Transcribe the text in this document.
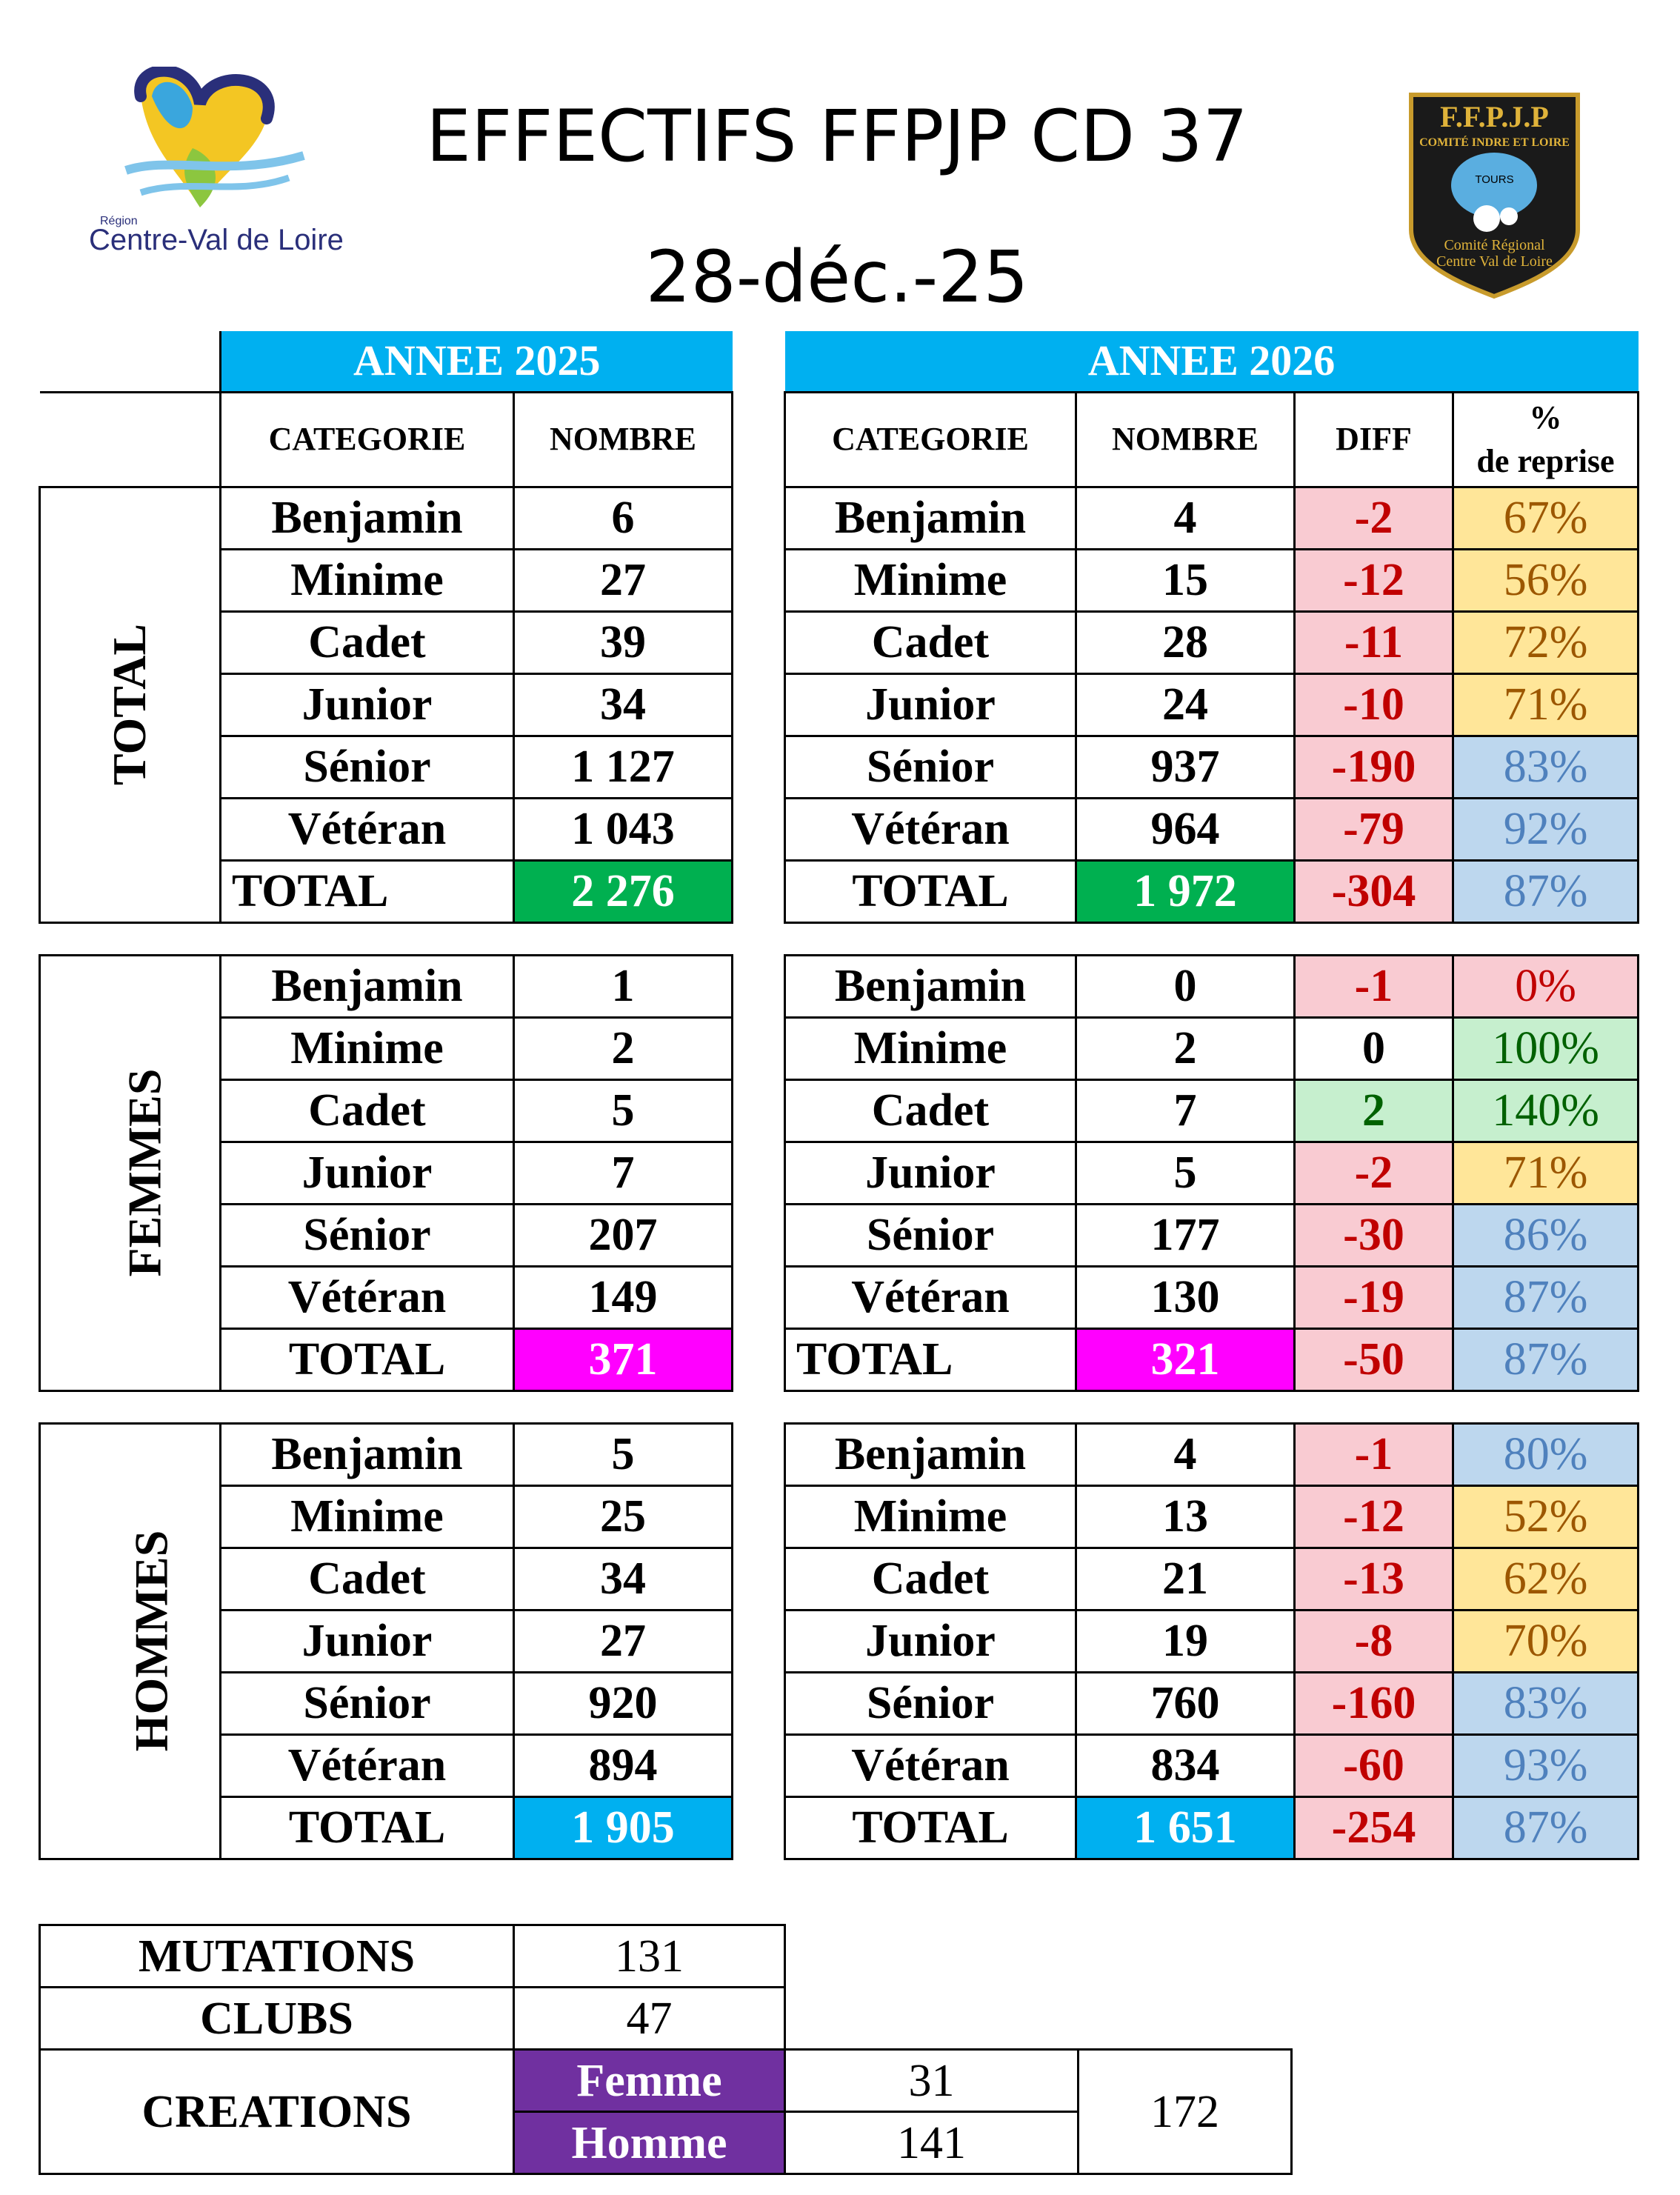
Région
Centre-Val de Loire
EFFECTIFS FFPJP CD 37
28-déc.-25
F.F.P.J.P
COMITÉ INDRE ET LOIRE
TOURS
Comité Régional
Centre Val de Loire
	ANNEE 2025	
	CATEGORIE	NOMBRE
TOTAL	Benjamin	6
	Minime	27
	Cadet	39
	Junior	34
	Sénior	1 127
	Vétéran	1 043
	TOTAL	2 276

FEMMES	Benjamin	1
	Minime	2
	Cadet	5
	Junior	7
	Sénior	207
	Vétéran	149
	TOTAL	371

HOMMES	Benjamin	5
	Minime	25
	Cadet	34
	Junior	27
	Sénior	920
	Vétéran	894
	TOTAL	1 905
ANNEE 2026			
CATEGORIE	NOMBRE	DIFF	%
de reprise
Benjamin	4	-2	67%
Minime	15	-12	56%
Cadet	28	-11	72%
Junior	24	-10	71%
Sénior	937	-190	83%
Vétéran	964	-79	92%
TOTAL	1 972	-304	87%

Benjamin	0	-1	0%
Minime	2	0	100%
Cadet	7	2	140%
Junior	5	-2	71%
Sénior	177	-30	86%
Vétéran	130	-19	87%
TOTAL	321	-50	87%

Benjamin	4	-1	80%
Minime	13	-12	52%
Cadet	21	-13	62%
Junior	19	-8	70%
Sénior	760	-160	83%
Vétéran	834	-60	93%
TOTAL	1 651	-254	87%
MUTATIONS	131		
CLUBS	47		
CREATIONS	Femme	31	172
	Homme	141	
